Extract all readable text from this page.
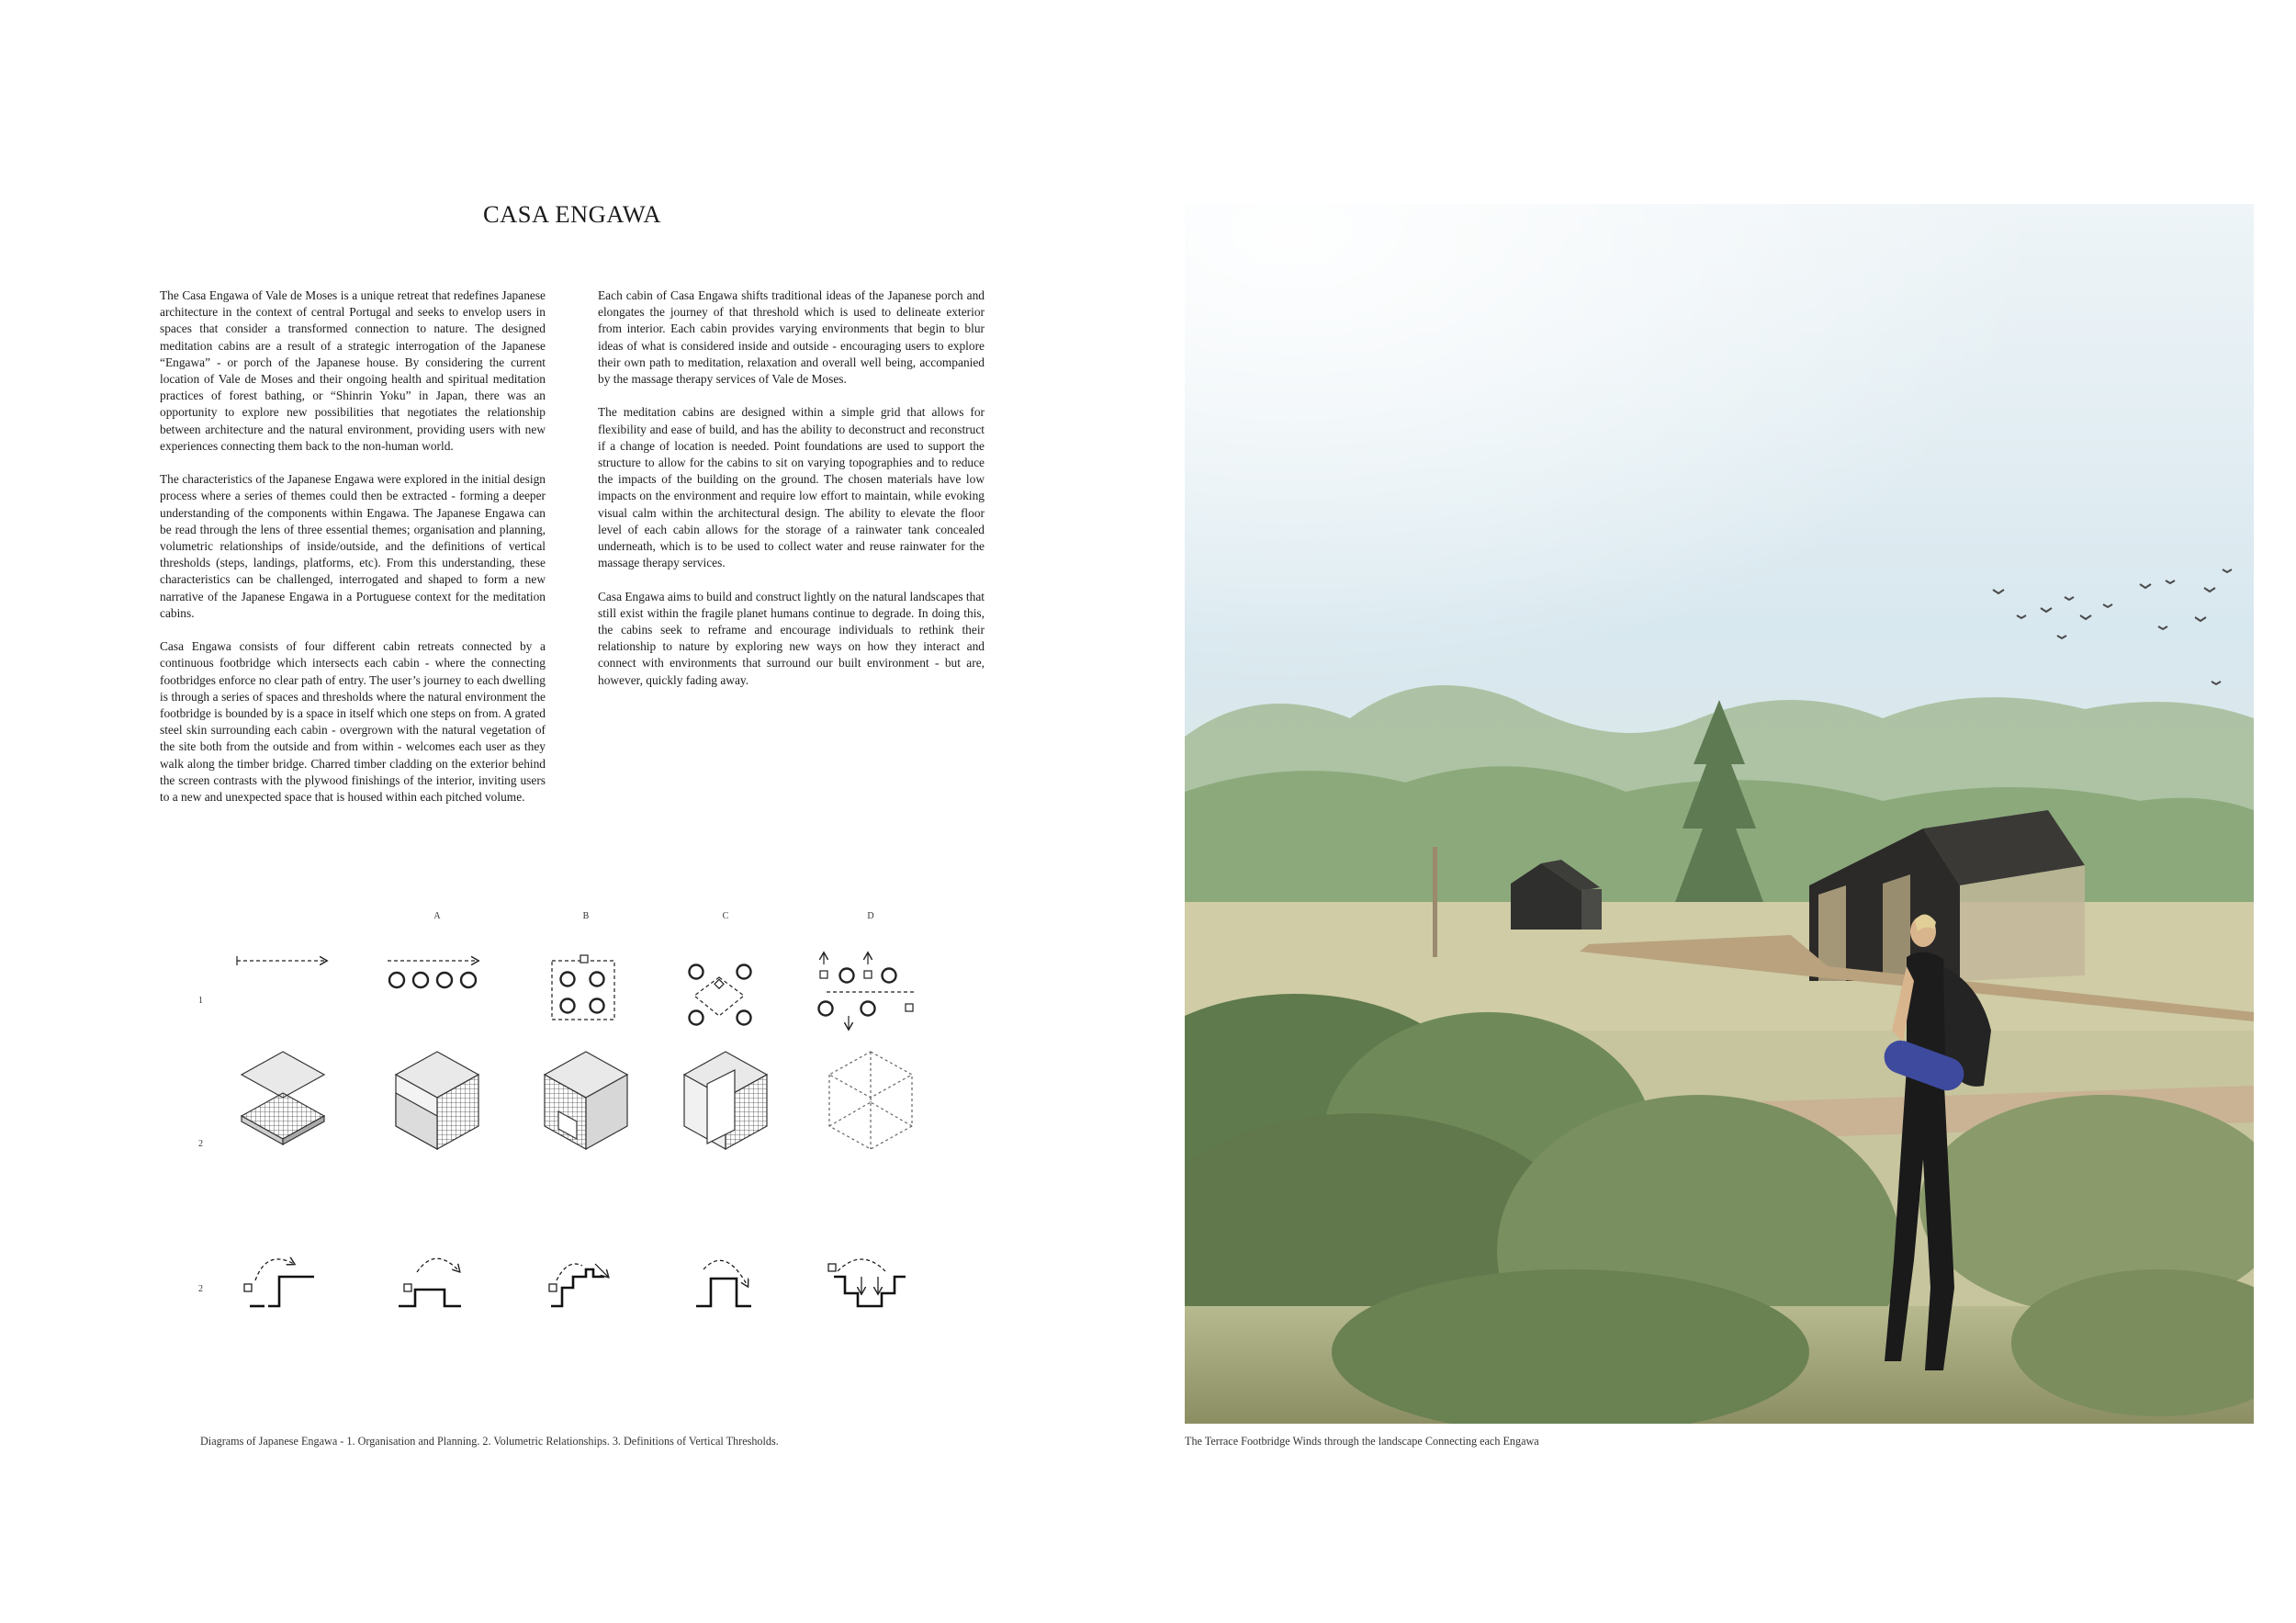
CASA ENGAWA

The Casa Engawa of Vale de Moses is a unique retreat that redefines Japanese architecture in the context of central Portugal and seeks to envelop users in spaces that consider a transformed connection to nature. The designed meditation cabins are a result of a strategic interrogation of the Japanese “Engawa” - or porch of the Japanese house. By considering the current location of Vale de Moses and their ongoing health and spiritual meditation practices of forest bathing, or “Shinrin Yoku” in Japan, there was an opportunity to explore new possibilities that negotiates the relationship between architecture and the natural environment, providing users with new experiences connecting them back to the non-human world.

The characteristics of the Japanese Engawa were explored in the initial design process where a series of themes could then be extracted - forming a deeper understanding of the components within Engawa. The Japanese Engawa can be read through the lens of three essential themes; organisation and planning, volumetric relationships of inside/outside, and the definitions of vertical thresholds (steps, landings, platforms, etc). From this understanding, these characteristics can be challenged, interrogated and shaped to form a new narrative of the Japanese Engawa in a Portuguese context for the meditation cabins.

Casa Engawa consists of four different cabin retreats connected by a continuous footbridge which intersects each cabin - where the connecting footbridges enforce no clear path of entry. The user’s journey to each dwelling is through a series of spaces and thresholds where the natural environment the footbridge is bounded by is a space in itself which one steps on from. A grated steel skin surrounding each cabin - overgrown with the natural vegetation of the site both from the outside and from within - welcomes each user as they walk along the timber bridge. Charred timber cladding on the exterior behind the screen contrasts with the plywood finishings of the interior, inviting users to a new and unexpected space that is housed within each pitched volume.

Each cabin of Casa Engawa shifts traditional ideas of the Japanese porch and elongates the journey of that threshold which is used to delineate exterior from interior. Each cabin provides varying environments that begin to blur ideas of what is considered inside and outside - encouraging users to explore their own path to meditation, relaxation and overall well being, accompanied by the massage therapy services of Vale de Moses.

The meditation cabins are designed within a simple grid that allows for flexibility and ease of build, and has the ability to deconstruct and reconstruct if a change of location is needed. Point foundations are used to support the structure to allow for the cabins to sit on varying topographies and to reduce the impacts of the building on the ground. The chosen materials have low impacts on the environment and require low effort to maintain, while evoking visual calm within the architectural design. The ability to elevate the floor level of each cabin allows for the storage of a rainwater tank concealed underneath, which is to be used to collect water and reuse rainwater for the massage therapy services.

Casa Engawa aims to build and construct lightly on the natural landscapes that still exist within the fragile planet humans continue to degrade. In doing this, the cabins seek to reframe and encourage individuals to rethink their relationship to nature by exploring new ways on how they interact and connect with environments that surround our built environment - but are, however, quickly fading away.

A	B	C	D
1
2
2
Diagrams of Japanese Engawa - 1. Organisation and Planning. 2. Volumetric Relationships. 3. Definitions of Vertical Thresholds.	The Terrace Footbridge Winds through the landscape Connecting each Engawa
